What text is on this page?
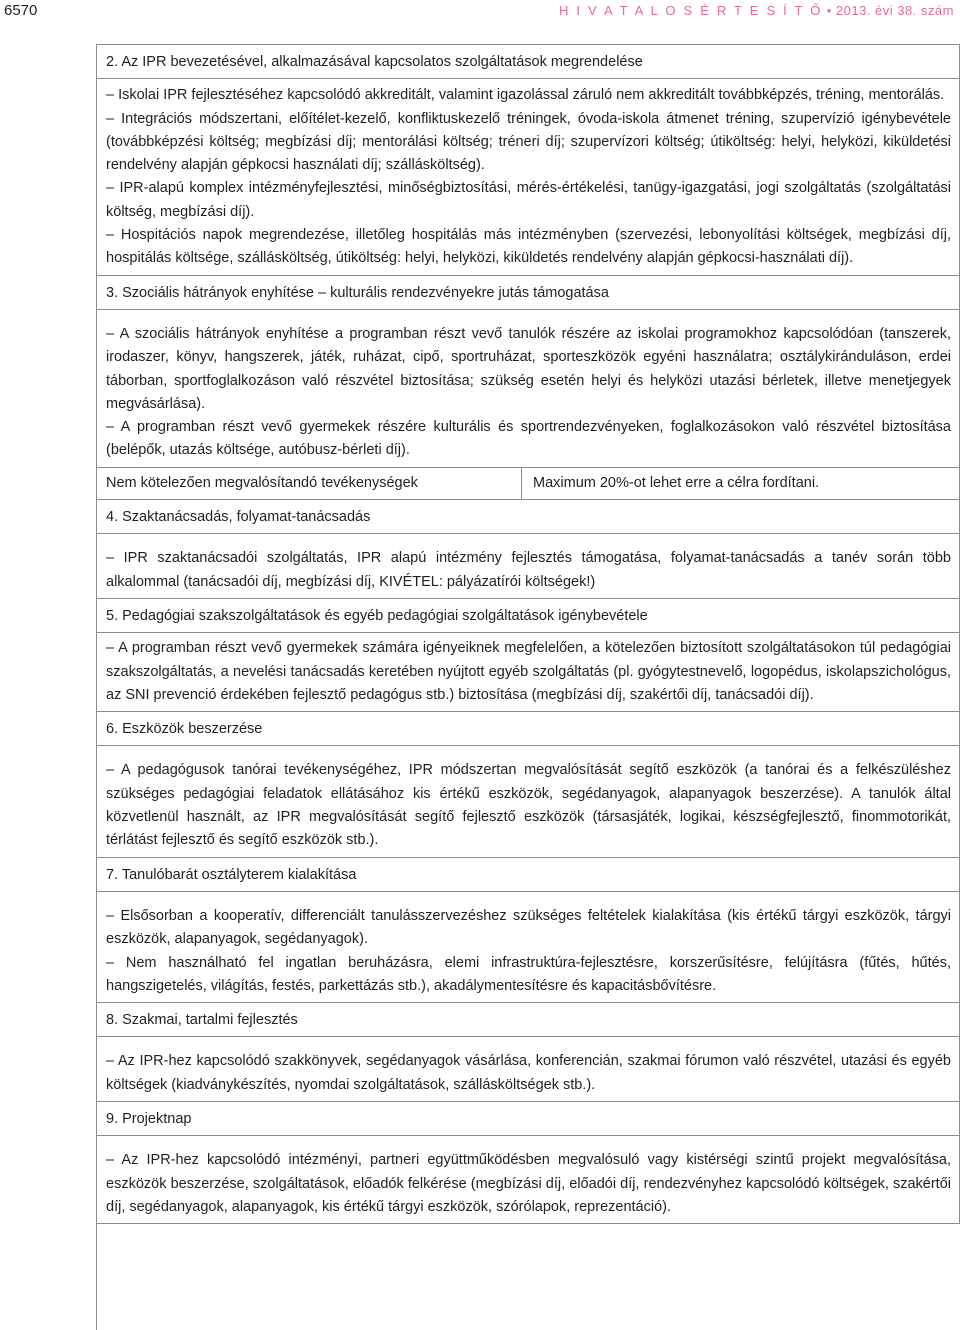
6570	H I V A T A L O S É R T E S Í T Ő • 2013. évi 38. szám
2. Az IPR bevezetésével, alkalmazásával kapcsolatos szolgáltatások megrendelése
– Iskolai IPR fejlesztéséhez kapcsolódó akkreditált, valamint igazolással záruló nem akkreditált továbbképzés, tréning, mentorálás.
– Integrációs módszertani, előítélet-kezelő, konfliktuskezelő tréningek, óvoda-iskola átmenet tréning, szupervízió igénybevétele (továbbképzési költség; megbízási díj; mentorálási költség; tréneri díj; szupervízori költség; útiköltség: helyi, helyközi, kiküldetési rendelvény alapján gépkocsi használati díj; szállásköltség).
– IPR-alapú komplex intézményfejlesztési, minőségbiztosítási, mérés-értékelési, tanügy-igazgatási, jogi szolgáltatás (szolgáltatási költség, megbízási díj).
– Hospitációs napok megrendezése, illetőleg hospitálás más intézményben (szervezési, lebonyolítási költségek, megbízási díj, hospitálás költsége, szállásköltség, útiköltség: helyi, helyközi, kiküldetés rendelvény alapján gépkocsi-használati díj).
3. Szociális hátrányok enyhítése – kulturális rendezvényekre jutás támogatása
– A szociális hátrányok enyhítése a programban részt vevő tanulók részére az iskolai programokhoz kapcsolódóan (tanszerek, irodaszer, könyv, hangszerek, játék, ruházat, cipő, sportruházat, sporteszközök egyéni használatra; osztálykiránduláson, erdei táborban, sportfoglalkozáson való részvétel biztosítása; szükség esetén helyi és helyközi utazási bérletek, illetve menetjegyek megvásárlása).
– A programban részt vevő gyermekek részére kulturális és sportrendezvényeken, foglalkozásokon való részvétel biztosítása (belépők, utazás költsége, autóbusz-bérleti díj).
Nem kötelezően megvalósítandó tevékenységek	Maximum 20%-ot lehet erre a célra fordítani.
4. Szaktanácsadás, folyamat-tanácsadás
– IPR szaktanácsadói szolgáltatás, IPR alapú intézmény fejlesztés támogatása, folyamat-tanácsadás a tanév során több alkalommal (tanácsadói díj, megbízási díj, KIVÉTEL: pályázatírói költségek!)
5. Pedagógiai szakszolgáltatások és egyéb pedagógiai szolgáltatások igénybevétele
– A programban részt vevő gyermekek számára igényeiknek megfelelően, a kötelezően biztosított szolgáltatásokon túl pedagógiai szakszolgáltatás, a nevelési tanácsadás keretében nyújtott egyéb szolgáltatás (pl. gyógytestnevelő, logopédus, iskolapszichológus, az SNI prevenció érdekében fejlesztő pedagógus stb.) biztosítása (megbízási díj, szakértői díj, tanácsadói díj).
6. Eszközök beszerzése
– A pedagógusok tanórai tevékenységéhez, IPR módszertan megvalósítását segítő eszközök (a tanórai és a felkészüléshez szükséges pedagógiai feladatok ellátásához kis értékű eszközök, segédanyagok, alapanyagok beszerzése). A tanulók által közvetlenül használt, az IPR megvalósítását segítő fejlesztő eszközök (társasjáték, logikai, készségfejlesztő, finommotorikát, térlátást fejlesztő és segítő eszközök stb.).
7. Tanulóbarát osztályterem kialakítása
– Elsősorban a kooperatív, differenciált tanulásszervezéshez szükséges feltételek kialakítása (kis értékű tárgyi eszközök, tárgyi eszközök, alapanyagok, segédanyagok).
– Nem használható fel ingatlan beruházásra, elemi infrastruktúra-fejlesztésre, korszerűsítésre, felújításra (fűtés, hűtés, hangszigetelés, világítás, festés, parkettázás stb.), akadálymentesítésre és kapacitásbővítésre.
8. Szakmai, tartalmi fejlesztés
– Az IPR-hez kapcsolódó szakkönyvek, segédanyagok vásárlása, konferencián, szakmai fórumon való részvétel, utazási és egyéb költségek (kiadványkészítés, nyomdai szolgáltatások, szállásköltségek stb.).
9. Projektnap
– Az IPR-hez kapcsolódó intézményi, partneri együttműködésben megvalósuló vagy kistérségi szintű projekt megvalósítása, eszközök beszerzése, szolgáltatások, előadók felkérése (megbízási díj, előadói díj, rendezvényhez kapcsolódó költségek, szakértői díj, segédanyagok, alapanyagok, kis értékű tárgyi eszközök, szórólapok, reprezentáció).
